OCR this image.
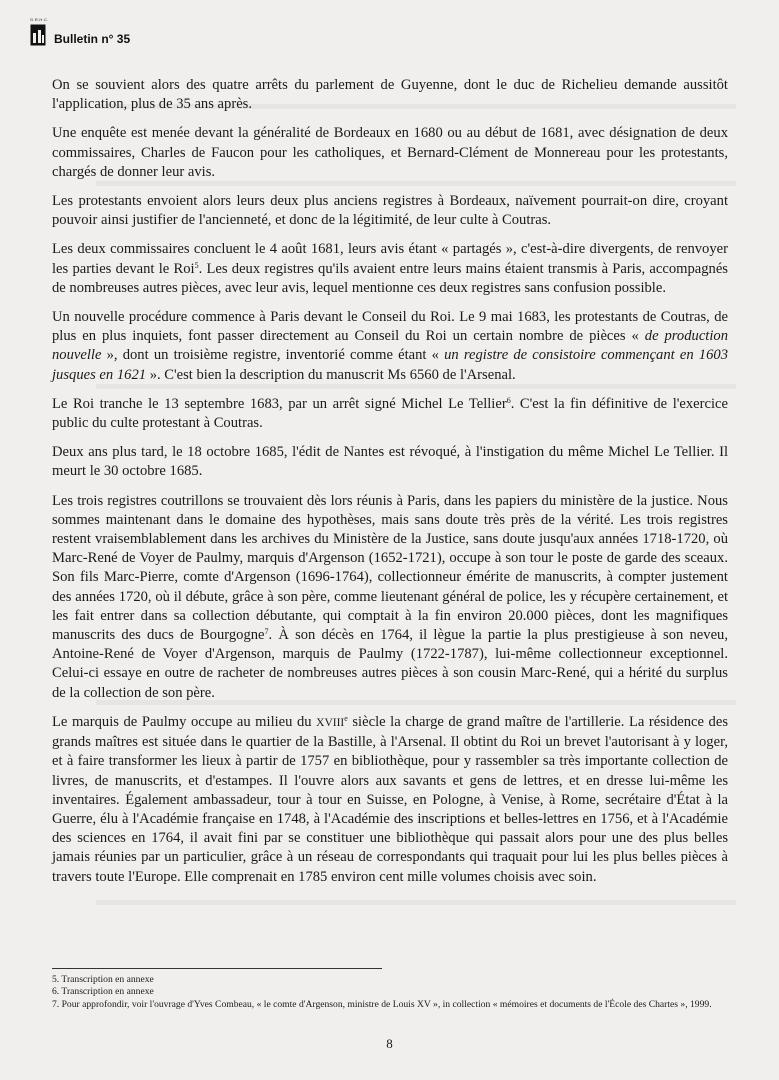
G.R.H.C.
Bulletin n° 35

On se souvient alors des quatre arrêts du parlement de Guyenne, dont le duc de Richelieu demande aussitôt l'application, plus de 35 ans après.

Une enquête est menée devant la généralité de Bordeaux en 1680 ou au début de 1681, avec désignation de deux commissaires, Charles de Faucon pour les catholiques, et Bernard-Clément de Monnereau pour les protestants, chargés de donner leur avis.

Les protestants envoient alors leurs deux plus anciens registres à Bordeaux, naïvement pourrait-on dire, croyant pouvoir ainsi justifier de l'ancienneté, et donc de la légitimité, de leur culte à Coutras.

Les deux commissaires concluent le 4 août 1681, leurs avis étant « partagés », c'est-à-dire divergents, de renvoyer les parties devant le Roi$^5$. Les deux registres qu'ils avaient entre leurs mains étaient transmis à Paris, accompagnés de nombreuses autres pièces, avec leur avis, lequel mentionne ces deux registres sans confusion possible.

Un nouvelle procédure commence à Paris devant le Conseil du Roi. Le 9 mai 1683, les protestants de Coutras, de plus en plus inquiets, font passer directement au Conseil du Roi un certain nombre de pièces « de production nouvelle », dont un troisième registre, inventorié comme étant « un registre de consistoire commençant en 1603 jusques en 1621 ». C'est bien la description du manuscrit Ms 6560 de l'Arsenal.

Le Roi tranche le 13 septembre 1683, par un arrêt signé Michel Le Tellier$^6$. C'est la fin définitive de l'exercice public du culte protestant à Coutras.

Deux ans plus tard, le 18 octobre 1685, l'édit de Nantes est révoqué, à l'instigation du même Michel Le Tellier. Il meurt le 30 octobre 1685.

Les trois registres coutrillons se trouvaient dès lors réunis à Paris, dans les papiers du ministère de la justice. Nous sommes maintenant dans le domaine des hypothèses, mais sans doute très près de la vérité. Les trois registres restent vraisemblablement dans les archives du Ministère de la Justice, sans doute jusqu'aux années 1718-1720, où Marc-René de Voyer de Paulmy, marquis d'Argenson (1652-1721), occupe à son tour le poste de garde des sceaux. Son fils Marc-Pierre, comte d'Argenson (1696-1764), collectionneur émérite de manuscrits, à compter justement des années 1720, où il débute, grâce à son père, comme lieutenant général de police, les y récupère certainement, et les fait entrer dans sa collection débutante, qui comptait à la fin environ 20.000 pièces, dont les magnifiques manuscrits des ducs de Bourgogne$^7$. À son décès en 1764, il lègue la partie la plus prestigieuse à son neveu, Antoine-René de Voyer d'Argenson, marquis de Paulmy (1722-1787), lui-même collectionneur exceptionnel. Celui-ci essaye en outre de racheter de nombreuses autres pièces à son cousin Marc-René, qui a hérité du surplus de la collection de son père.

Le marquis de Paulmy occupe au milieu du XVIIIe siècle la charge de grand maître de l'artillerie. La résidence des grands maîtres est située dans le quartier de la Bastille, à l'Arsenal. Il obtint du Roi un brevet l'autorisant à y loger, et à faire transformer les lieux à partir de 1757 en bibliothèque, pour y rassembler sa très importante collection de livres, de manuscrits, et d'estampes. Il l'ouvre alors aux savants et gens de lettres, et en dresse lui-même les inventaires. Également ambassadeur, tour à tour en Suisse, en Pologne, à Venise, à Rome, secrétaire d'État à la Guerre, élu à l'Académie française en 1748, à l'Académie des inscriptions et belles-lettres en 1756, et à l'Académie des sciences en 1764, il avait fini par se constituer une bibliothèque qui passait alors pour une des plus belles jamais réunies par un particulier, grâce à un réseau de correspondants qui traquait pour lui les plus belles pièces à travers toute l'Europe. Elle comprenait en 1785 environ cent mille volumes choisis avec soin.

5. Transcription en annexe
6. Transcription en annexe
7. Pour approfondir, voir l'ouvrage d'Yves Combeau, « le comte d'Argenson, ministre de Louis XV », in collection « mémoires et documents de l'École des Chartes », 1999.
8
